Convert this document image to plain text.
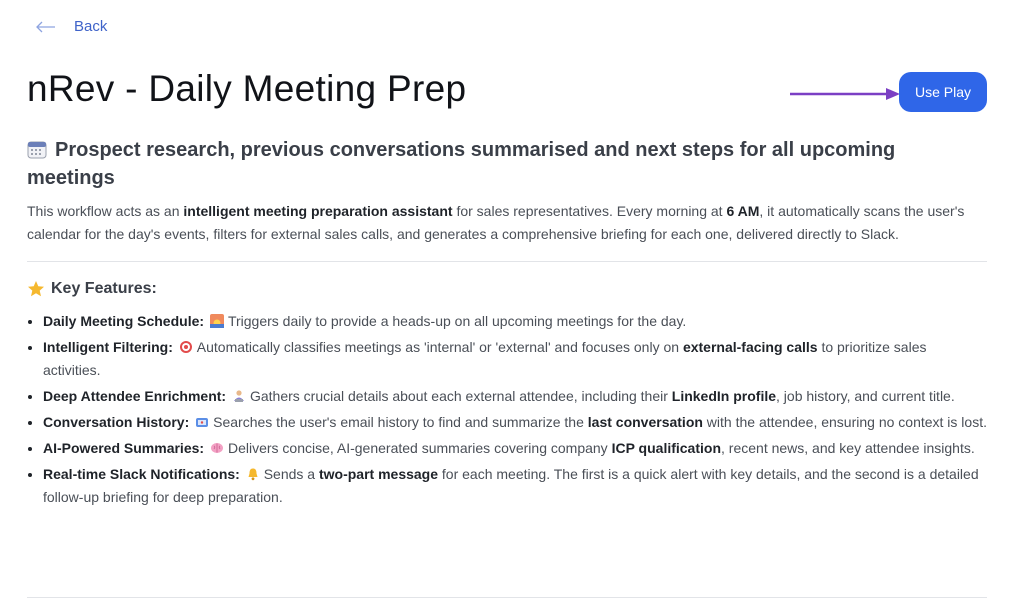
Back
nRev - Daily Meeting Prep	Use Play
Prospect research, previous conversations summarised and next steps for all upcoming meetings

This workflow acts as an intelligent meeting preparation assistant for sales representatives. Every morning at 6 AM, it automatically scans the user's calendar for the day's events, filters for external sales calls, and generates a comprehensive briefing for each one, delivered directly to Slack.

Key Features:
• Daily Meeting Schedule: Triggers daily to provide a heads-up on all upcoming meetings for the day.
• Intelligent Filtering: Automatically classifies meetings as 'internal' or 'external' and focuses only on external-facing calls to prioritize sales activities.
• Deep Attendee Enrichment: Gathers crucial details about each external attendee, including their LinkedIn profile, job history, and current title.
• Conversation History: Searches the user's email history to find and summarize the last conversation with the attendee, ensuring no context is lost.
• AI-Powered Summaries: Delivers concise, AI-generated summaries covering company ICP qualification, recent news, and key attendee insights.
• Real-time Slack Notifications: Sends a two-part message for each meeting. The first is a quick alert with key details, and the second is a detailed follow-up briefing for deep preparation.
